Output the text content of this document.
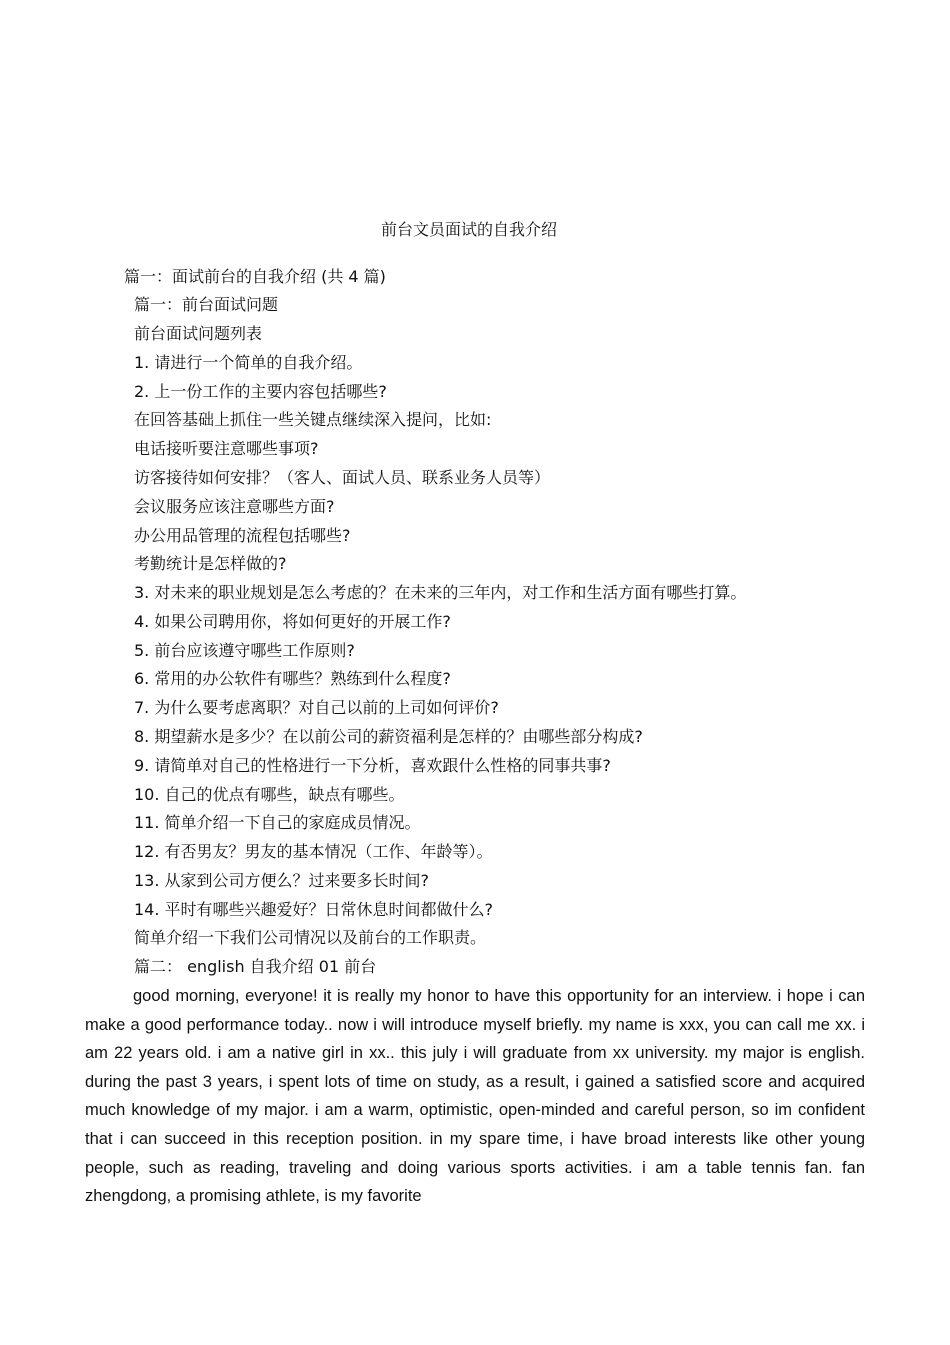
前台文员面试的自我介绍
篇一：面试前台的自我介绍 (共 4 篇)
篇一：前台面试问题
前台面试问题列表
1. 请进行一个简单的自我介绍。
2. 上一份工作的主要内容包括哪些?
在回答基础上抓住一些关键点继续深入提问，比如:
电话接听要注意哪些事项?
访客接待如何安排？（客人、面试人员、联系业务人员等）
会议服务应该注意哪些方面?
办公用品管理的流程包括哪些?
考勤统计是怎样做的?
3. 对未来的职业规划是怎么考虑的？在未来的三年内，对工作和生活方面有哪些打算。
4. 如果公司聘用你，将如何更好的开展工作?
5. 前台应该遵守哪些工作原则?
6. 常用的办公软件有哪些？熟练到什么程度?
7. 为什么要考虑离职？对自己以前的上司如何评价?
8. 期望薪水是多少？在以前公司的薪资福利是怎样的？由哪些部分构成?
9. 请简单对自己的性格进行一下分析，喜欢跟什么性格的同事共事?
10. 自己的优点有哪些，缺点有哪些。
11. 简单介绍一下自己的家庭成员情况。
12. 有否男友？男友的基本情况（工作、年龄等）。
13. 从家到公司方便么？过来要多长时间?
14. 平时有哪些兴趣爱好？日常休息时间都做什么?
简单介绍一下我们公司情况以及前台的工作职责。
篇二： english 自我介绍 01 前台
good morning, everyone! it is really my honor to have this opportunity for an interview. i hope i can make a good performance today.. now i will introduce myself briefly. my name is xxx, you can call me xx. i am 22 years old. i am a native girl in xx.. this july i will graduate from xx university. my major is english. during the past 3 years, i spent lots of time on study, as a result, i gained a satisfied score and acquired much knowledge of my major. i am a warm, optimistic, open-minded and careful person, so im confident that i can succeed in this reception position. in my spare time, i have broad interests like other young people, such as reading, traveling and doing various sports activities. i am a table tennis fan. fan zhengdong, a promising athlete, is my favorite
